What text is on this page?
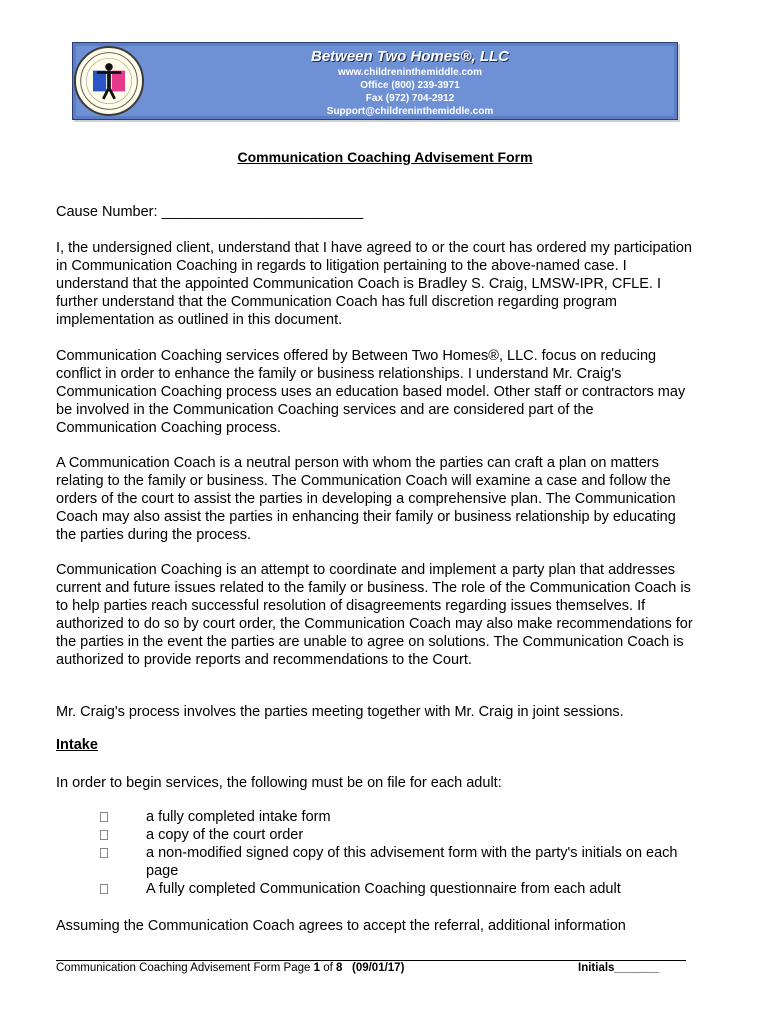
Between Two Homes®, LLC
www.childreninthemiddle.com
Office (800) 239-3971
Fax (972) 704-2912
Support@childreninthemiddle.com
Communication Coaching Advisement Form

Cause Number: _________________________

I, the undersigned client, understand that I have agreed to or the court has ordered my participation in Communication Coaching in regards to litigation pertaining to the above-named case. I understand that the appointed Communication Coach is Bradley S. Craig, LMSW-IPR, CFLE. I further understand that the Communication Coach has full discretion regarding program implementation as outlined in this document.

Communication Coaching services offered by Between Two Homes®, LLC. focus on reducing conflict in order to enhance the family or business relationships. I understand Mr. Craig's Communication Coaching process uses an education based model. Other staff or contractors may be involved in the Communication Coaching services and are considered part of the Communication Coaching process.

A Communication Coach is a neutral person with whom the parties can craft a plan on matters relating to the family or business. The Communication Coach will examine a case and follow the orders of the court to assist the parties in developing a comprehensive plan. The Communication Coach may also assist the parties in enhancing their family or business relationship by educating the parties during the process.

Communication Coaching is an attempt to coordinate and implement a party plan that addresses current and future issues related to the family or business. The role of the Communication Coach is to help parties reach successful resolution of disagreements regarding issues themselves. If authorized to do so by court order, the Communication Coach may also make recommendations for the parties in the event the parties are unable to agree on solutions. The Communication Coach is authorized to provide reports and recommendations to the Court.

Mr. Craig's process involves the parties meeting together with Mr. Craig in joint sessions.

Intake

In order to begin services, the following must be on file for each adult:

a fully completed intake form
a copy of the court order
a non-modified signed copy of this advisement form with the party's initials on each page
A fully completed Communication Coaching questionnaire from each adult

Assuming the Communication Coach agrees to accept the referral, additional information

Communication Coaching Advisement Form Page 1 of 8 (09/01/17)	Initials_______
